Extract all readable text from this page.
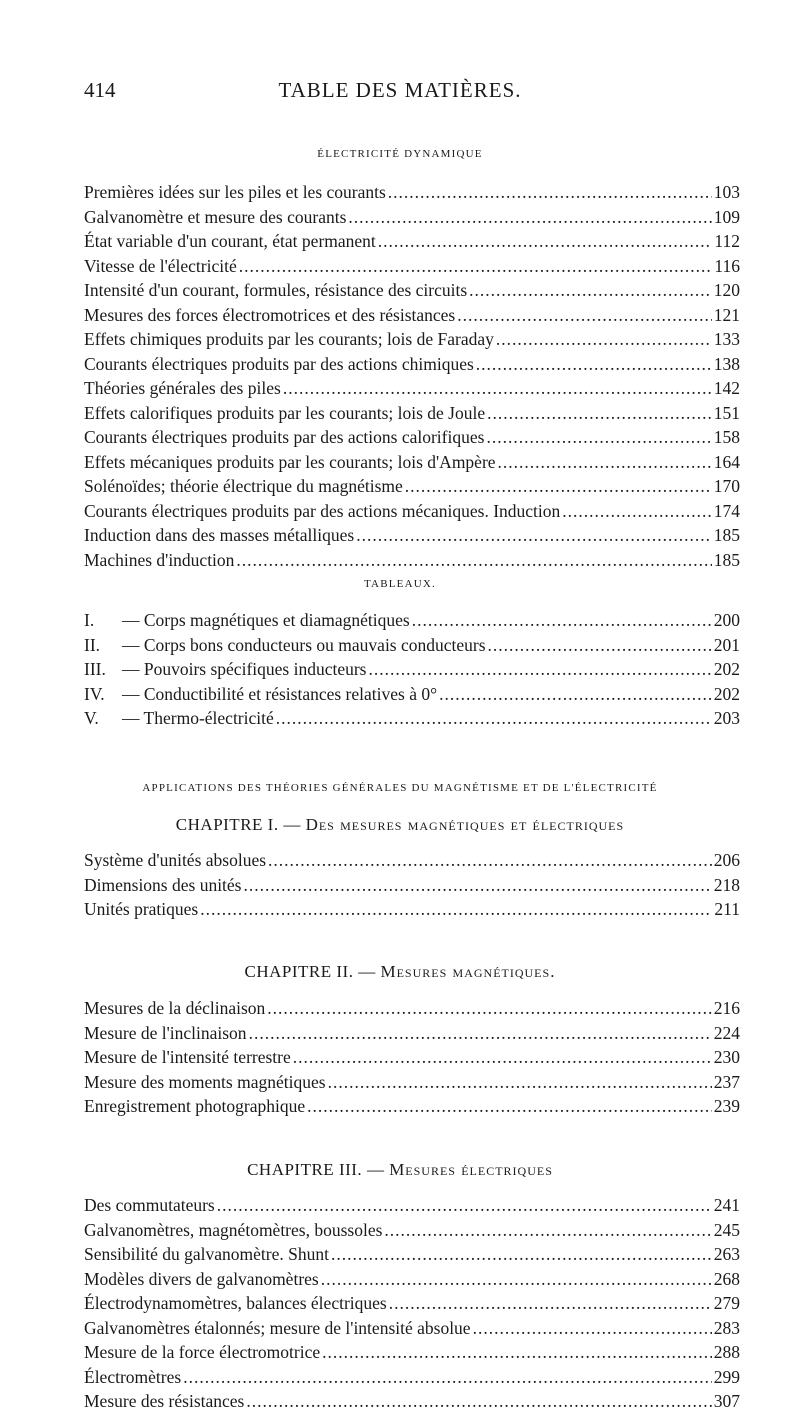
414	TABLE DES MATIÈRES.
ÉLECTRICITÉ DYNAMIQUE
Premières idées sur les piles et les courants .....	103
Galvanomètre et mesure des courants .....	109
État variable d'un courant, état permanent .....	112
Vitesse de l'électricité .....	116
Intensité d'un courant, formules, résistance des circuits .....	120
Mesures des forces électromotrices et des résistances .....	121
Effets chimiques produits par les courants; lois de Faraday .....	133
Courants électriques produits par des actions chimiques .....	138
Théories générales des piles .....	142
Effets calorifiques produits par les courants; lois de Joule .....	151
Courants électriques produits par des actions calorifiques .....	158
Effets mécaniques produits par les courants; lois d'Ampère .....	164
Solénoïdes; théorie électrique du magnétisme .....	170
Courants électriques produits par des actions mécaniques. Induction .....	174
Induction dans des masses métalliques .....	185
Machines d'induction .....	185
TABLEAUX.
I.	— Corps magnétiques et diamagnétiques .....	200
II.	— Corps bons conducteurs ou mauvais conducteurs .....	201
III. — Pouvoirs spécifiques inducteurs .....	202
IV. — Conductibilité et résistances relatives à 0° .....	202
V.	— Thermo-électricité .....	203
APPLICATIONS DES THÉORIES GÉNÉRALES DU MAGNÉTISME ET DE L'ÉLECTRICITÉ
CHAPITRE I. — Des mesures magnétiques et électriques
Système d'unités absolues .....	206
Dimensions des unités .....	218
Unités pratiques .....	211
CHAPITRE II. — Mesures magnétiques.
Mesures de la déclinaison .....	216
Mesure de l'inclinaison .....	224
Mesure de l'intensité terrestre .....	230
Mesure des moments magnétiques .....	237
Enregistrement photographique .....	239
CHAPITRE III. — Mesures électriques
Des commutateurs .....	241
Galvanomètres, magnétomètres, boussoles .....	245
Sensibilité du galvanomètre. Shunt .....	263
Modèles divers de galvanomètres .....	268
Électrodynamomètres, balances électriques .....	279
Galvanomètres étalonnés; mesure de l'intensité absolue .....	283
Mesure de la force électromotrice .....	288
Électromètres .....	299
Mesure des résistances .....	307
